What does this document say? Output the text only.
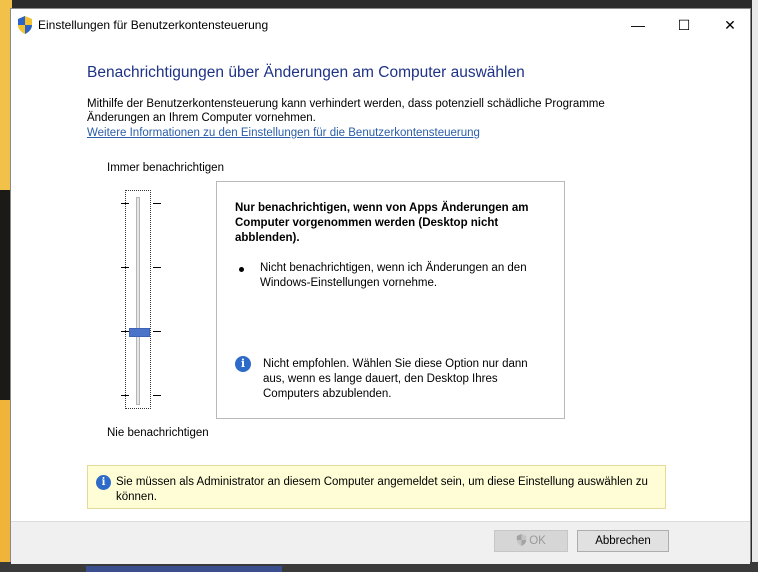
Einstellungen für Benutzerkontensteuerung	—	☐	✕
Benachrichtigungen über Änderungen am Computer auswählen
Mithilfe der Benutzerkontensteuerung kann verhindert werden, dass potenziell schädliche Programme Änderungen an Ihrem Computer vornehmen.
Weitere Informationen zu den Einstellungen für die Benutzerkontensteuerung
Immer benachrichtigen
Nie benachrichtigen
Nur benachrichtigen, wenn von Apps Änderungen am Computer vorgenommen werden (Desktop nicht abblenden).
Nicht benachrichtigen, wenn ich Änderungen an den Windows-Einstellungen vornehme.
i	Nicht empfohlen. Wählen Sie diese Option nur dann aus, wenn es lange dauert, den Desktop Ihres Computers abzublenden.
i Sie müssen als Administrator an diesem Computer angemeldet sein, um diese Einstellung auswählen zu können.
OK	Abbrechen
